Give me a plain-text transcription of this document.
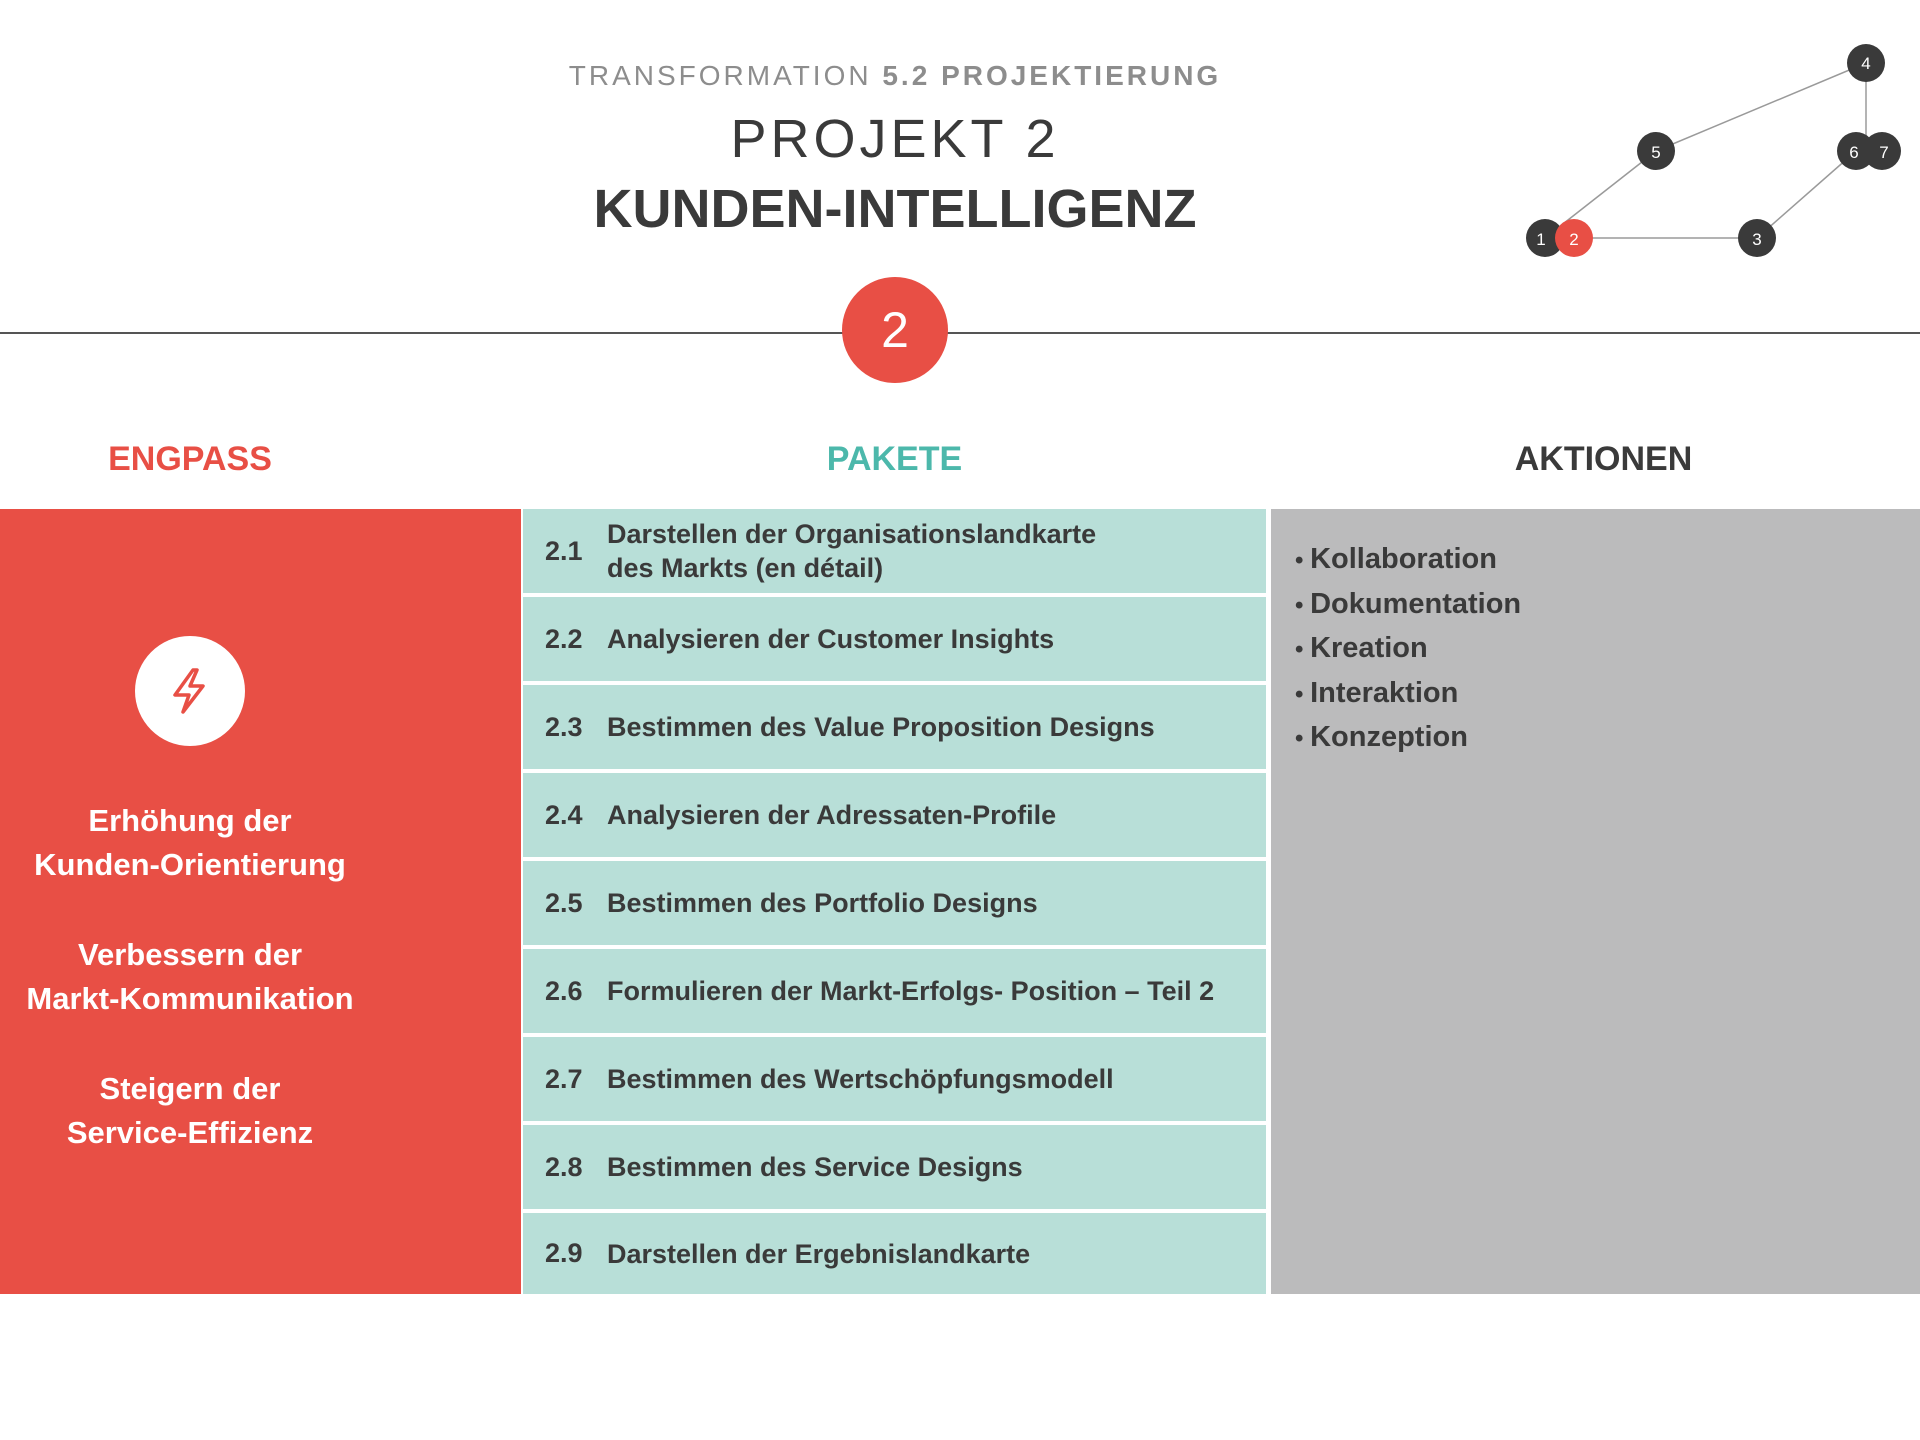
TRANSFORMATION 5.2 PROJEKTIERUNG
PROJEKT 2
KUNDEN-INTELLIGENZ
1 2	3
4
5	6 7
2
ENGPASS	PAKETE	AKTIONEN
Erhöhung der
Kunden-Orientierung
Verbessern der
Markt-Kommunikation
Steigern der
Service-Effizienz
2.1
Darstellen der Organisationslandkarte
des Markts (en détail)
2.2 Analysieren der Customer Insights
2.3 Bestimmen des Value Proposition Designs
2.4 Analysieren der Adressaten-Profile
2.5 Bestimmen des Portfolio Designs
2.6 Formulieren der Markt-Erfolgs- Position – Teil 2
2.7 Bestimmen des Wertschöpfungsmodell
2.8 Bestimmen des Service Designs
2.9 Darstellen der Ergebnislandkarte
• Kollaboration
• Dokumentation
• Kreation
• Interaktion
• Konzeption
